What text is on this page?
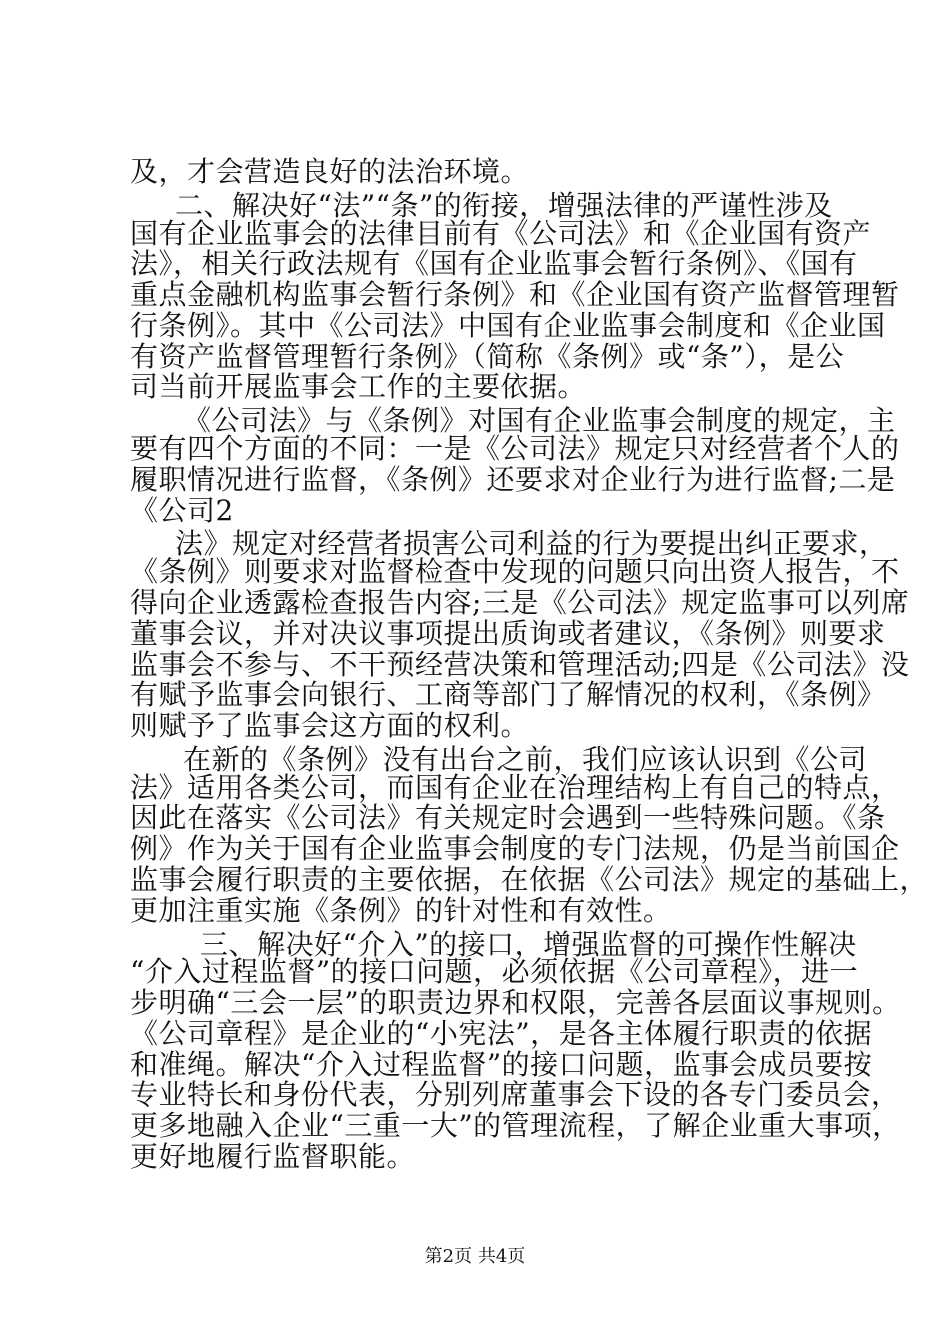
及，才会营造良好的法治环境。
二、解决好“法”“条”的衔接，增强法律的严谨性涉及
国有企业监事会的法律目前有《公司法》和《企业国有资产
法》，相关行政法规有《国有企业监事会暂行条例》、《国有
重点金融机构监事会暂行条例》和《企业国有资产监督管理暂
行条例》。其中《公司法》中国有企业监事会制度和《企业国
有资产监督管理暂行条例》（简称《条例》或“条”），是公
司当前开展监事会工作的主要依据。
《公司法》与《条例》对国有企业监事会制度的规定，主
要有四个方面的不同：一是《公司法》规定只对经营者个人的
履职情况进行监督，《条例》还要求对企业行为进行监督;二是
《公司2
法》规定对经营者损害公司利益的行为要提出纠正要求，
《条例》则要求对监督检查中发现的问题只向出资人报告，不
得向企业透露检查报告内容;三是《公司法》规定监事可以列席
董事会议，并对决议事项提出质询或者建议，《条例》则要求
监事会不参与、不干预经营决策和管理活动;四是《公司法》没
有赋予监事会向银行、工商等部门了解情况的权利，《条例》
则赋予了监事会这方面的权利。
在新的《条例》没有出台之前，我们应该认识到《公司
法》适用各类公司，而国有企业在治理结构上有自己的特点，
因此在落实《公司法》有关规定时会遇到一些特殊问题。《条
例》作为关于国有企业监事会制度的专门法规，仍是当前国企
监事会履行职责的主要依据，在依据《公司法》规定的基础上，
更加注重实施《条例》的针对性和有效性。
三、解决好“介入”的接口，增强监督的可操作性解决
“介入过程监督”的接口问题，必须依据《公司章程》，进一
步明确“三会一层”的职责边界和权限，完善各层面议事规则。
《公司章程》是企业的“小宪法”，是各主体履行职责的依据
和准绳。解决“介入过程监督”的接口问题，监事会成员要按
专业特长和身份代表，分别列席董事会下设的各专门委员会，
更多地融入企业“三重一大”的管理流程，了解企业重大事项，
更好地履行监督职能。
第2页 共4页
